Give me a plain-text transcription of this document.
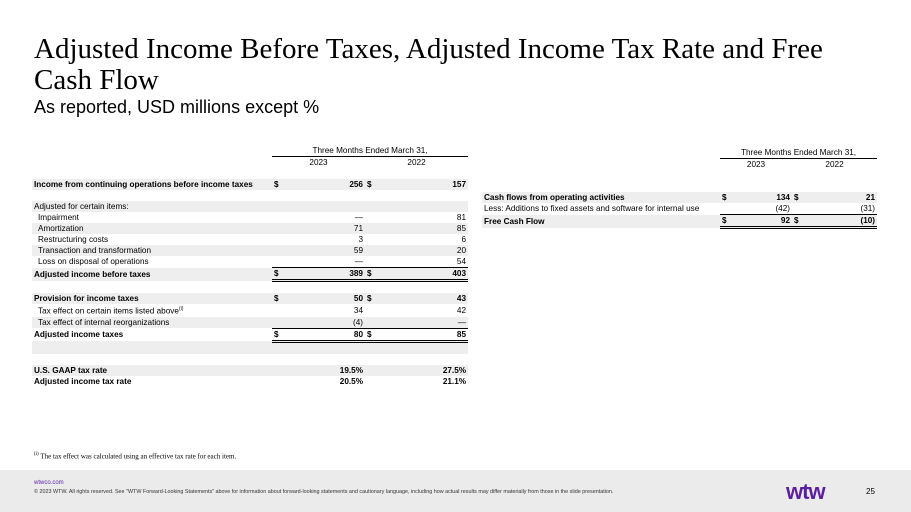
Adjusted Income Before Taxes, Adjusted Income Tax Rate and Free Cash Flow
As reported, USD millions except %
	Three Months Ended March 31,			
	2023		2022	

Income from continuing operations before income taxes	$	256	$	157

Adjusted for certain items:				
Impairment		—		81
Amortization		71		85
Restructuring costs		3		6
Transaction and transformation		59		20
Loss on disposal of operations		—		54
Adjusted income before taxes	$	389	$	403

Provision for income taxes	$	50	$	43
Tax effect on certain items listed above$^{(i)}$		34		42
Tax effect of internal reorganizations		(4)		—
Adjusted income taxes	$	80	$	85

U.S. GAAP tax rate		19.5%		27.5%
Adjusted income tax rate		20.5%		21.1%
	Three Months Ended March 31,			
	2023		2022	

Cash flows from operating activities	$	134	$	21
Less: Additions to fixed assets and software for internal use		(42)		(31)
Free Cash Flow	$	92	$	(10)
$^{(i)}$ The tax effect was calculated using an effective tax rate for each item.
wtwco.com
© 2023 WTW. All rights reserved. See "WTW Forward-Looking Statements" above for information about forward-looking statements and cautionary language, including how actual results may differ materially from those in the slide presentation.	wtw	25
